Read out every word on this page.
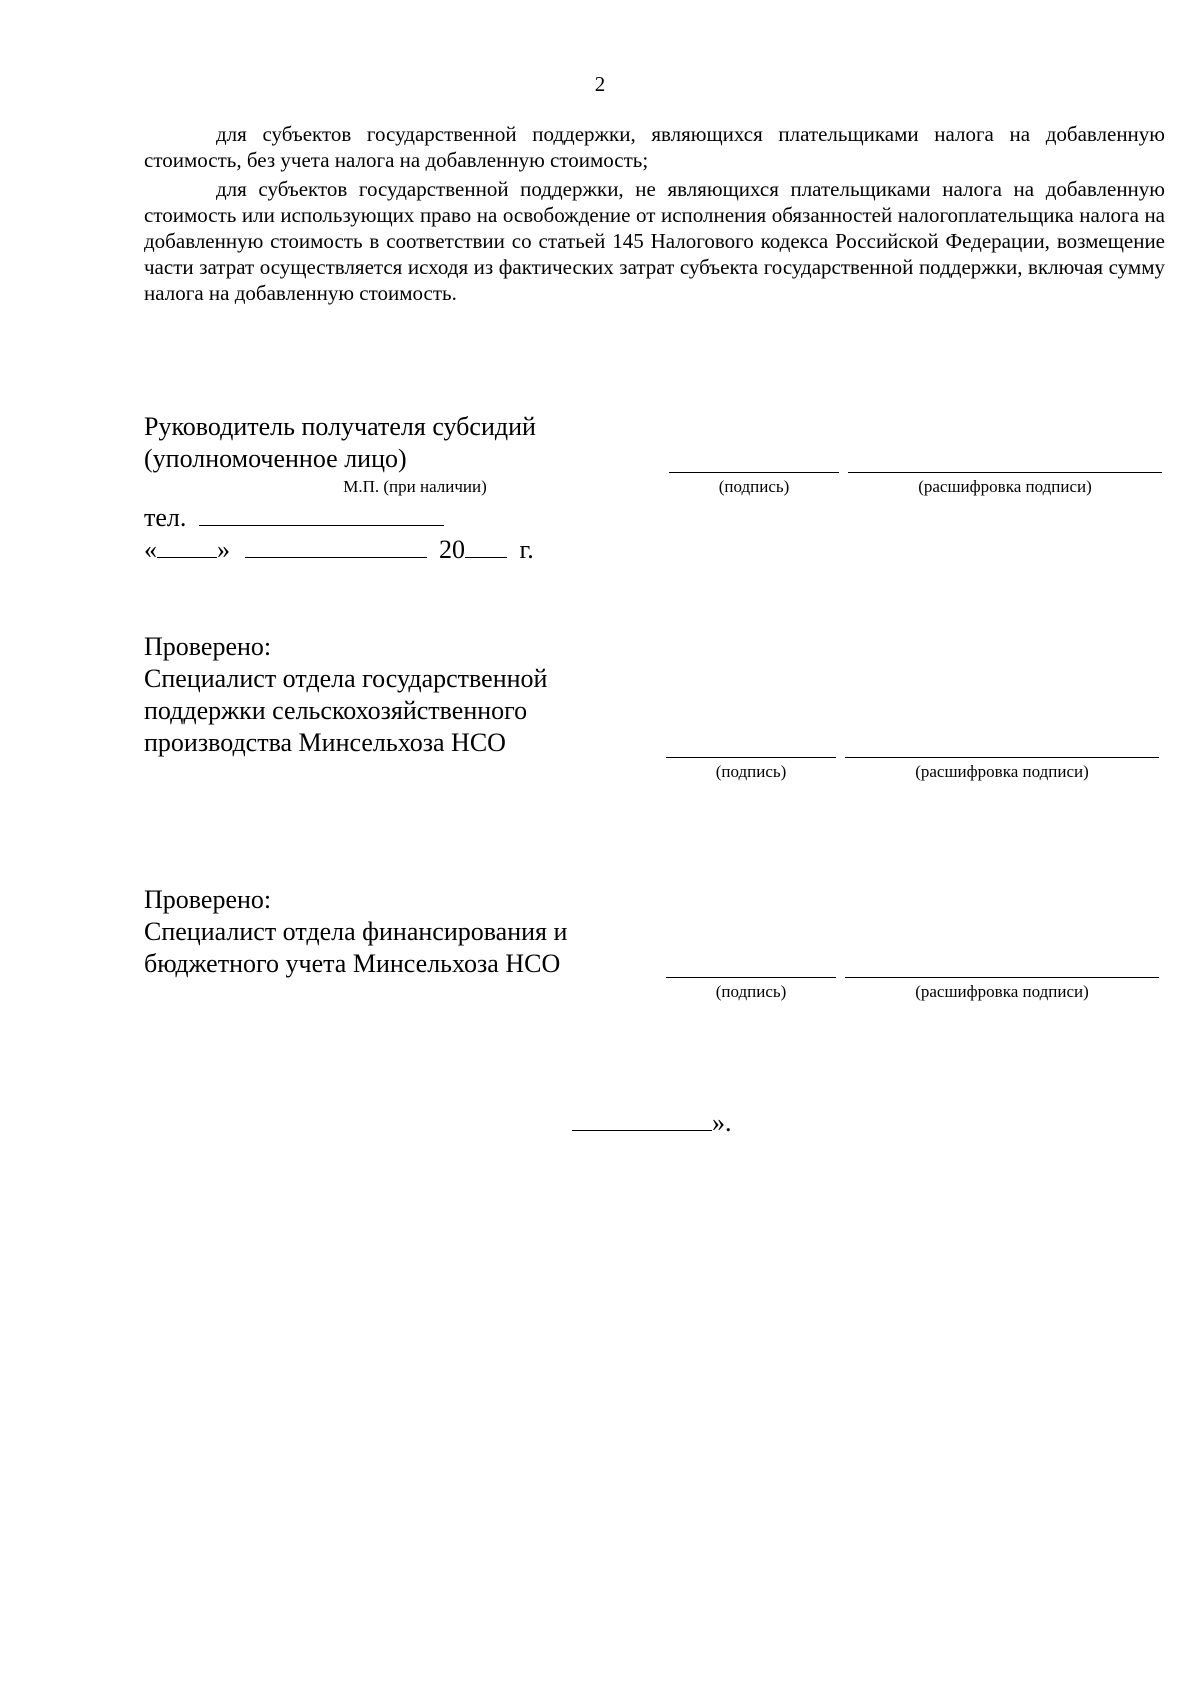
2

для субъектов государственной поддержки, являющихся плательщиками налога на добавленную стоимость, без учета налога на добавленную стоимость;

для субъектов государственной поддержки, не являющихся плательщиками налога на добавленную стоимость или использующих право на освобождение от исполнения обязанностей налогоплательщика налога на добавленную стоимость в соответствии со статьей 145 Налогового кодекса Российской Федерации, возмещение части затрат осуществляется исходя из фактических затрат субъекта государственной поддержки, включая сумму налога на добавленную стоимость.

Руководитель получателя субсидий
(уполномоченное лицо)
М.П. (при наличии)	(подпись)	(расшифровка подписи)
тел.
« »	20 г.
Проверено:
Специалист отдела государственной
поддержки сельскохозяйственного
производства Минсельхоза НСО
(подпись)	(расшифровка подписи)
Проверено:
Специалист отдела финансирования и
бюджетного учета Минсельхоза НСО
(подпись)	(расшифровка подписи)
».
